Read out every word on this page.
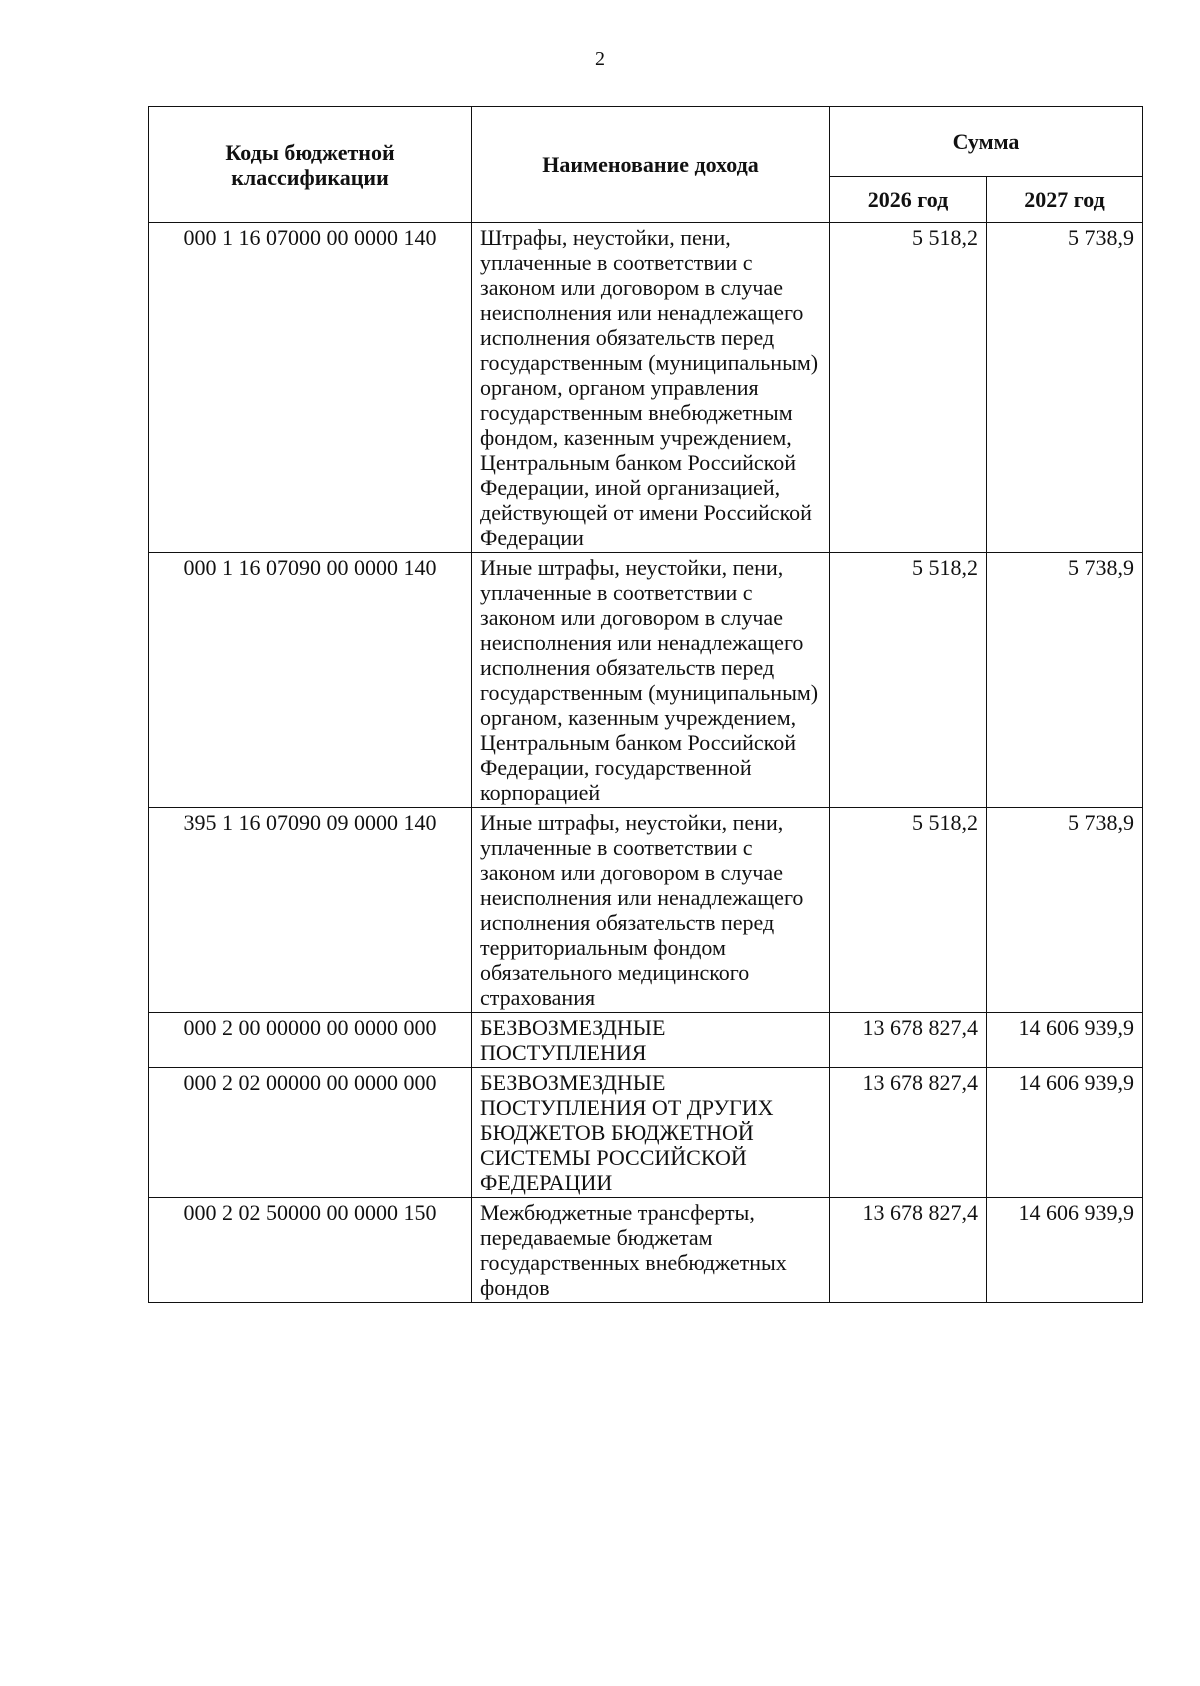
2
Коды бюджетной классификации	Наименование дохода	Сумма	
		2026 год	2027 год
000 1 16 07000 00 0000 140	Штрафы, неустойки, пени, уплаченные в соответствии с законом или договором в случае неисполнения или ненадлежащего исполнения обязательств перед государственным (муниципальным) органом, органом управления государственным внебюджетным фондом, казенным учреждением, Центральным банком Российской Федерации, иной организацией, действующей от имени Российской Федерации	5 518,2	5 738,9
000 1 16 07090 00 0000 140	Иные штрафы, неустойки, пени, уплаченные в соответствии с законом или договором в случае неисполнения или ненадлежащего исполнения обязательств перед государственным (муниципальным) органом, казенным учреждением, Центральным банком Российской Федерации, государственной корпорацией	5 518,2	5 738,9
395 1 16 07090 09 0000 140	Иные штрафы, неустойки, пени, уплаченные в соответствии с законом или договором в случае неисполнения или ненадлежащего исполнения обязательств перед территориальным фондом обязательного медицинского страхования	5 518,2	5 738,9
000 2 00 00000 00 0000 000	БЕЗВОЗМЕЗДНЫЕ ПОСТУПЛЕНИЯ	13 678 827,4	14 606 939,9
000 2 02 00000 00 0000 000	БЕЗВОЗМЕЗДНЫЕ ПОСТУПЛЕНИЯ ОТ ДРУГИХ БЮДЖЕТОВ БЮДЖЕТНОЙ СИСТЕМЫ РОССИЙСКОЙ ФЕДЕРАЦИИ	13 678 827,4	14 606 939,9
000 2 02 50000 00 0000 150	Межбюджетные трансферты, передаваемые бюджетам государственных внебюджетных фондов	13 678 827,4	14 606 939,9
